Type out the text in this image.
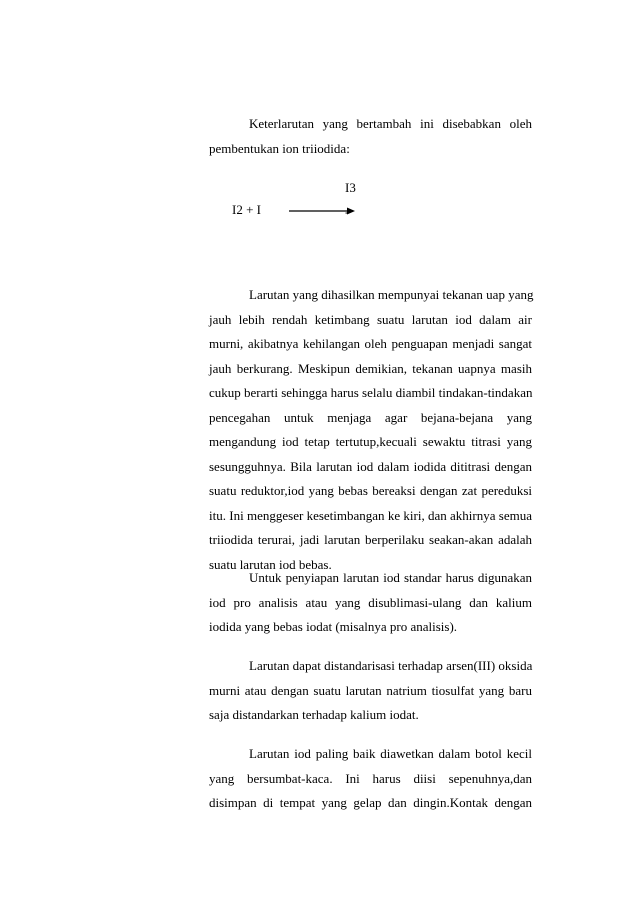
Keterlarutan yang bertambah ini disebabkan oleh
pembentukan ion triiodida:
I3
I2 + I	-
Larutan yang dihasilkan mempunyai tekanan uap yang
jauh lebih rendah ketimbang suatu larutan iod dalam air
murni, akibatnya kehilangan oleh penguapan menjadi sangat
jauh berkurang. Meskipun demikian, tekanan uapnya masih
cukup berarti sehingga harus selalu diambil tindakan-tindakan
pencegahan untuk menjaga agar bejana-bejana yang
mengandung iod tetap tertutup,kecuali sewaktu titrasi yang
sesungguhnya. Bila larutan iod dalam iodida dititrasi dengan
suatu reduktor,iod yang bebas bereaksi dengan zat pereduksi
itu. Ini menggeser kesetimbangan ke kiri, dan akhirnya semua
triiodida terurai, jadi larutan berperilaku seakan-akan adalah
suatu larutan iod bebas.
Untuk penyiapan larutan iod standar harus digunakan
iod pro analisis atau yang disublimasi-ulang dan kalium
iodida yang bebas iodat (misalnya pro analisis).
Larutan dapat distandarisasi terhadap arsen(III) oksida
murni atau dengan suatu larutan natrium tiosulfat yang baru
saja distandarkan terhadap kalium iodat.
Larutan iod paling baik diawetkan dalam botol kecil
yang bersumbat-kaca. Ini harus diisi sepenuhnya,dan
disimpan di tempat yang gelap dan dingin.Kontak dengan
